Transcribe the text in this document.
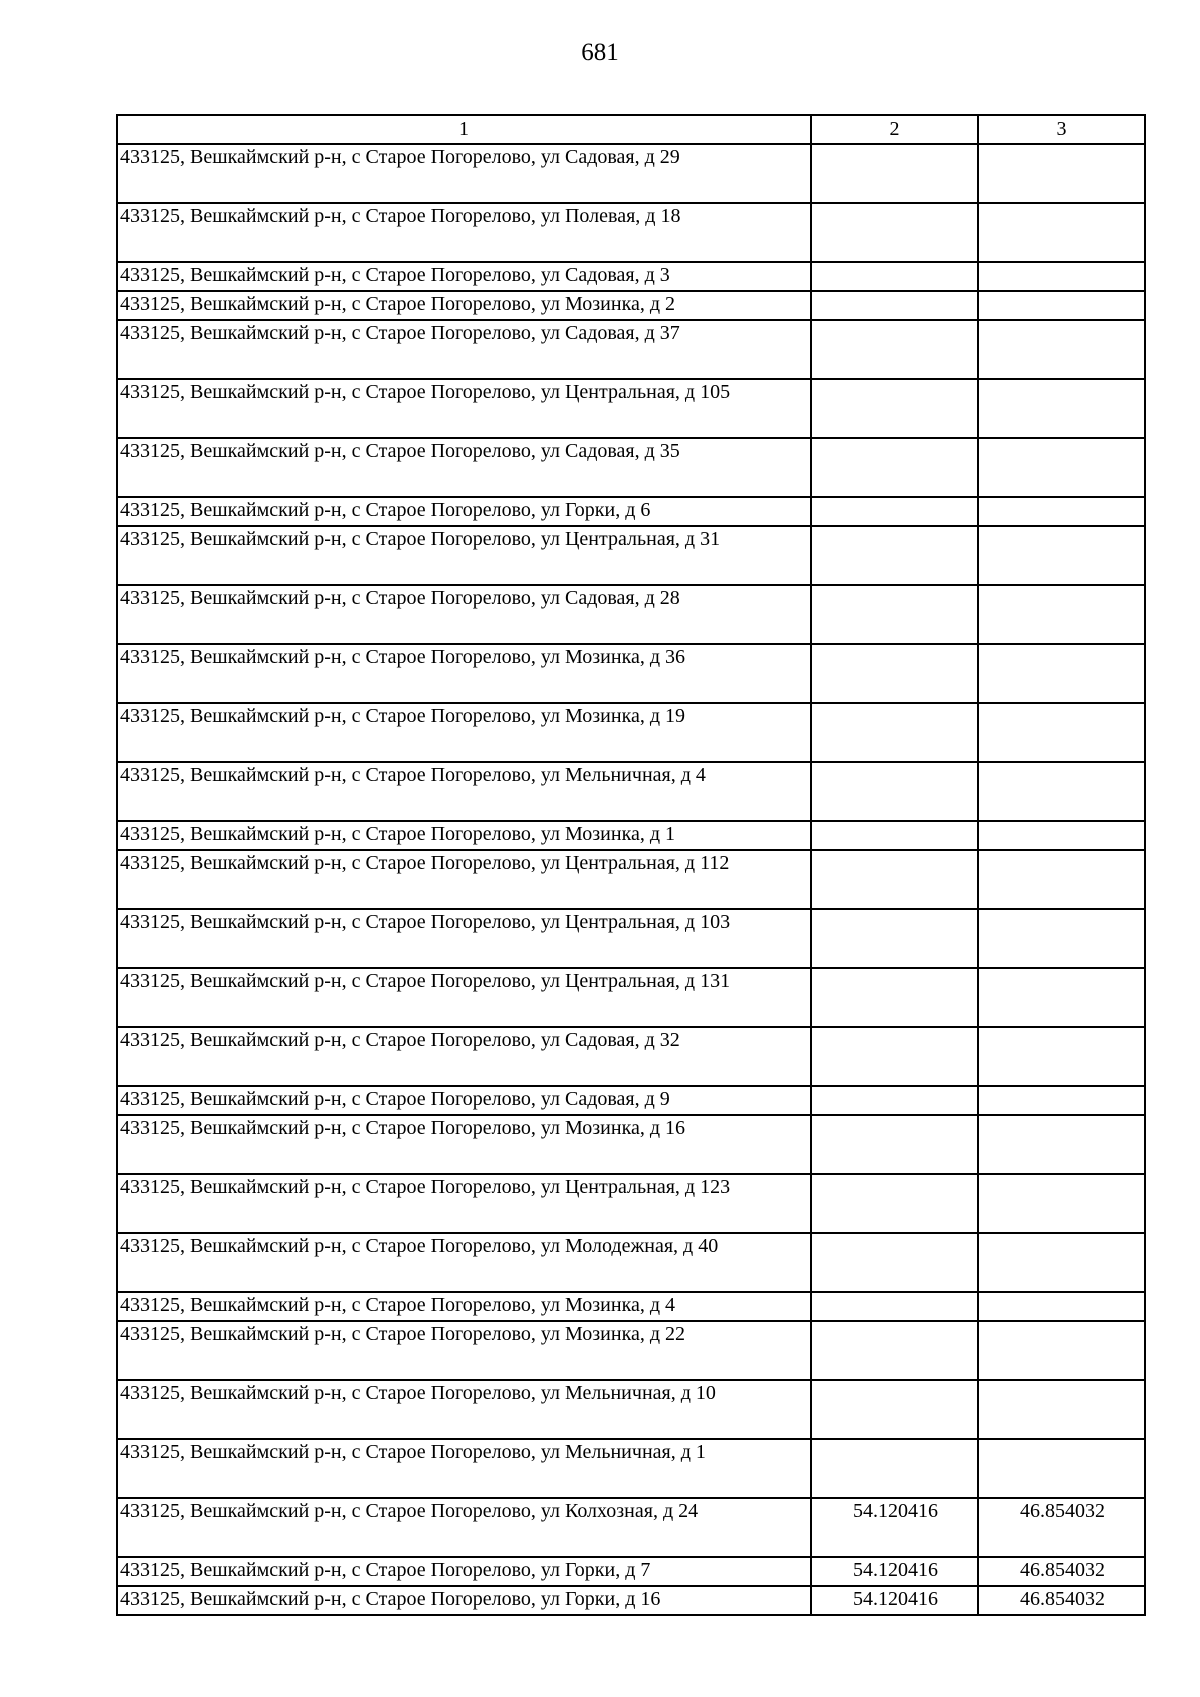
681
1	2	3
433125, Вешкаймский р-н, с Старое Погорелово, ул Садовая, д 29		
433125, Вешкаймский р-н, с Старое Погорелово, ул Полевая, д 18		
433125, Вешкаймский р-н, с Старое Погорелово, ул Садовая, д 3		
433125, Вешкаймский р-н, с Старое Погорелово, ул Мозинка, д 2		
433125, Вешкаймский р-н, с Старое Погорелово, ул Садовая, д 37		
433125, Вешкаймский р-н, с Старое Погорелово, ул Центральная, д 105		
433125, Вешкаймский р-н, с Старое Погорелово, ул Садовая, д 35		
433125, Вешкаймский р-н, с Старое Погорелово, ул Горки, д 6		
433125, Вешкаймский р-н, с Старое Погорелово, ул Центральная, д 31		
433125, Вешкаймский р-н, с Старое Погорелово, ул Садовая, д 28		
433125, Вешкаймский р-н, с Старое Погорелово, ул Мозинка, д 36		
433125, Вешкаймский р-н, с Старое Погорелово, ул Мозинка, д 19		
433125, Вешкаймский р-н, с Старое Погорелово, ул Мельничная, д 4		
433125, Вешкаймский р-н, с Старое Погорелово, ул Мозинка, д 1		
433125, Вешкаймский р-н, с Старое Погорелово, ул Центральная, д 112		
433125, Вешкаймский р-н, с Старое Погорелово, ул Центральная, д 103		
433125, Вешкаймский р-н, с Старое Погорелово, ул Центральная, д 131		
433125, Вешкаймский р-н, с Старое Погорелово, ул Садовая, д 32		
433125, Вешкаймский р-н, с Старое Погорелово, ул Садовая, д 9		
433125, Вешкаймский р-н, с Старое Погорелово, ул Мозинка, д 16		
433125, Вешкаймский р-н, с Старое Погорелово, ул Центральная, д 123		
433125, Вешкаймский р-н, с Старое Погорелово, ул Молодежная, д 40		
433125, Вешкаймский р-н, с Старое Погорелово, ул Мозинка, д 4		
433125, Вешкаймский р-н, с Старое Погорелово, ул Мозинка, д 22		
433125, Вешкаймский р-н, с Старое Погорелово, ул Мельничная, д 10		
433125, Вешкаймский р-н, с Старое Погорелово, ул Мельничная, д 1		
433125, Вешкаймский р-н, с Старое Погорелово, ул Колхозная, д 24	54.120416	46.854032
433125, Вешкаймский р-н, с Старое Погорелово, ул Горки, д 7	54.120416	46.854032
433125, Вешкаймский р-н, с Старое Погорелово, ул Горки, д 16	54.120416	46.854032
